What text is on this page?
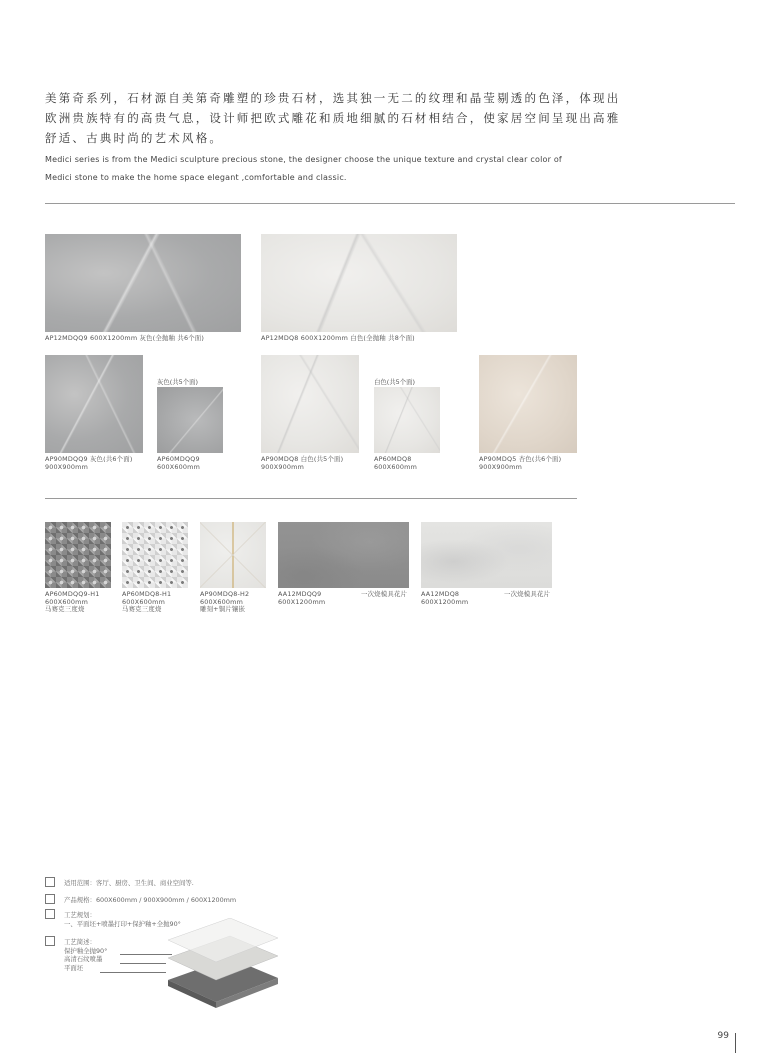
美第奇系列，石材源自美第奇雕塑的珍贵石材，选其独一无二的纹理和晶莹剔透的色泽，体现出
欧洲贵族特有的高贵气息，设计师把欧式雕花和质地细腻的石材相结合，使家居空间呈现出高雅
舒适、古典时尚的艺术风格。
Medici series is from the Medici sculpture precious stone, the designer choose the unique texture and crystal clear color of
Medici stone to make the home space elegant ,comfortable and classic.
AP12MDQQ9 600X1200mm 灰色(全抛釉 共6个面)	AP12MDQ8 600X1200mm 白色(全抛釉 共8个面)
AP90MDQQ9 灰色(共6个面)
900X900mm
灰色(共5个面)
AP60MDQQ9
600X600mm
AP90MDQ8 白色(共5个面)
900X900mm
白色(共5个面)
AP60MDQ8
600X600mm
AP90MDQ5 杏色(共6个面)
900X900mm
AP60MDQQ9-H1
600X600mm
马赛克三度烧
AP60MDQ8-H1
600X600mm
马赛克三度烧
AP90MDQ8-H2
600X600mm
雕刻+铜片镶嵌
AA12MDQQ9
600X1200mm
一次烧模具花片 AA12MDQ8
600X1200mm
一次烧模具花片
适用范围：客厅、厨房、卫生间、商业空间等.
产品规格：600X600mm / 900X900mm / 600X1200mm
工艺规划：
一、平面坯+喷墨打印+保护釉+全抛90°
工艺简述：
保护釉全抛90°
高清石纹喷墨
平面坯
99
